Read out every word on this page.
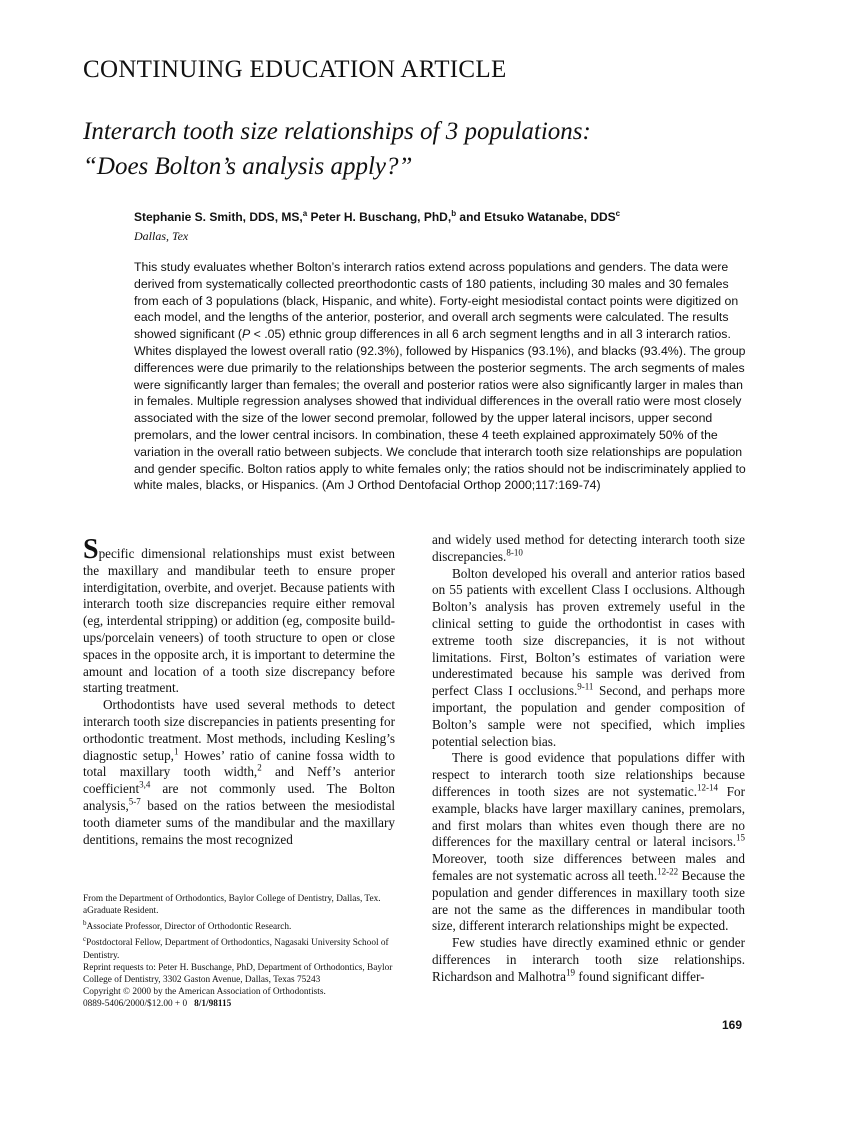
CONTINUING EDUCATION ARTICLE
Interarch tooth size relationships of 3 populations:
“Does Bolton’s analysis apply?”
Stephanie S. Smith, DDS, MS,$^a$ Peter H. Buschang, PhD,$^b$ and Etsuko Watanabe, DDS$^c$
Dallas, Tex
This study evaluates whether Bolton’s interarch ratios extend across populations and genders. The data were derived from systematically collected preorthodontic casts of 180 patients, including 30 males and 30 females from each of 3 populations (black, Hispanic, and white). Forty-eight mesiodistal contact points were digitized on each model, and the lengths of the anterior, posterior, and overall arch segments were calculated. The results showed significant (P < .05) ethnic group differences in all 6 arch segment lengths and in all 3 interarch ratios. Whites displayed the lowest overall ratio (92.3%), followed by Hispanics (93.1%), and blacks (93.4%). The group differences were due primarily to the relationships between the posterior segments. The arch segments of males were significantly larger than females; the overall and posterior ratios were also significantly larger in males than in females. Multiple regression analyses showed that individual differences in the overall ratio were most closely associated with the size of the lower second premolar, followed by the upper lateral incisors, upper second premolars, and the lower central incisors. In combination, these 4 teeth explained approximately 50% of the variation in the overall ratio between subjects. We conclude that interarch tooth size relationships are population and gender specific. Bolton ratios apply to white females only; the ratios should not be indiscriminately applied to white males, blacks, or Hispanics. (Am J Orthod Dentofacial Orthop 2000;117:169-74)

Specific dimensional relationships must exist between the maxillary and mandibular teeth to ensure proper interdigitation, overbite, and overjet. Because patients with interarch tooth size discrepancies require either removal (eg, interdental stripping) or addition (eg, composite build-ups/porcelain veneers) of tooth structure to open or close spaces in the opposite arch, it is important to determine the amount and location of a tooth size discrepancy before starting treatment.

Orthodontists have used several methods to detect interarch tooth size discrepancies in patients presenting for orthodontic treatment. Most methods, including Kesling’s diagnostic setup,$^1$ Howes’ ratio of canine fossa width to total maxillary tooth width,$^2$ and Neff’s anterior coefficient$^{3,4}$ are not commonly used. The Bolton analysis,$^{5-7}$ based on the ratios between the mesiodistal tooth diameter sums of the mandibular and the maxillary dentitions, remains the most recognized

and widely used method for detecting interarch tooth size discrepancies.$^{8-10}$

Bolton developed his overall and anterior ratios based on 55 patients with excellent Class I occlusions. Although Bolton’s analysis has proven extremely useful in the clinical setting to guide the orthodontist in cases with extreme tooth size discrepancies, it is not without limitations. First, Bolton’s estimates of variation were underestimated because his sample was derived from perfect Class I occlusions.$^{9-11}$ Second, and perhaps more important, the population and gender composition of Bolton’s sample were not specified, which implies potential selection bias.

There is good evidence that populations differ with respect to interarch tooth size relationships because differences in tooth sizes are not systematic.$^{12-14}$ For example, blacks have larger maxillary canines, premolars, and first molars than whites even though there are no differences for the maxillary central or lateral incisors.$^{15}$ Moreover, tooth size differences between males and females are not systematic across all teeth.$^{12-22}$ Because the population and gender differences in maxillary tooth size are not the same as the differences in mandibular tooth size, different interarch relationships might be expected.

Few studies have directly examined ethnic or gender differences in interarch tooth size relationships. Richardson and Malhotra$^{19}$ found significant differ-

From the Department of Orthodontics, Baylor College of Dentistry, Dallas, Tex.
aGraduate Resident.
$^b$Associate Professor, Director of Orthodontic Research.
$^c$Postdoctoral Fellow, Department of Orthodontics, Nagasaki University School of Dentistry.
Reprint requests to: Peter H. Buschange, PhD, Department of Orthodontics, Baylor College of Dentistry, 3302 Gaston Avenue, Dallas, Texas 75243
Copyright © 2000 by the American Association of Orthodontists.
0889-5406/2000/$12.00 + 0 8/1/98115
169
